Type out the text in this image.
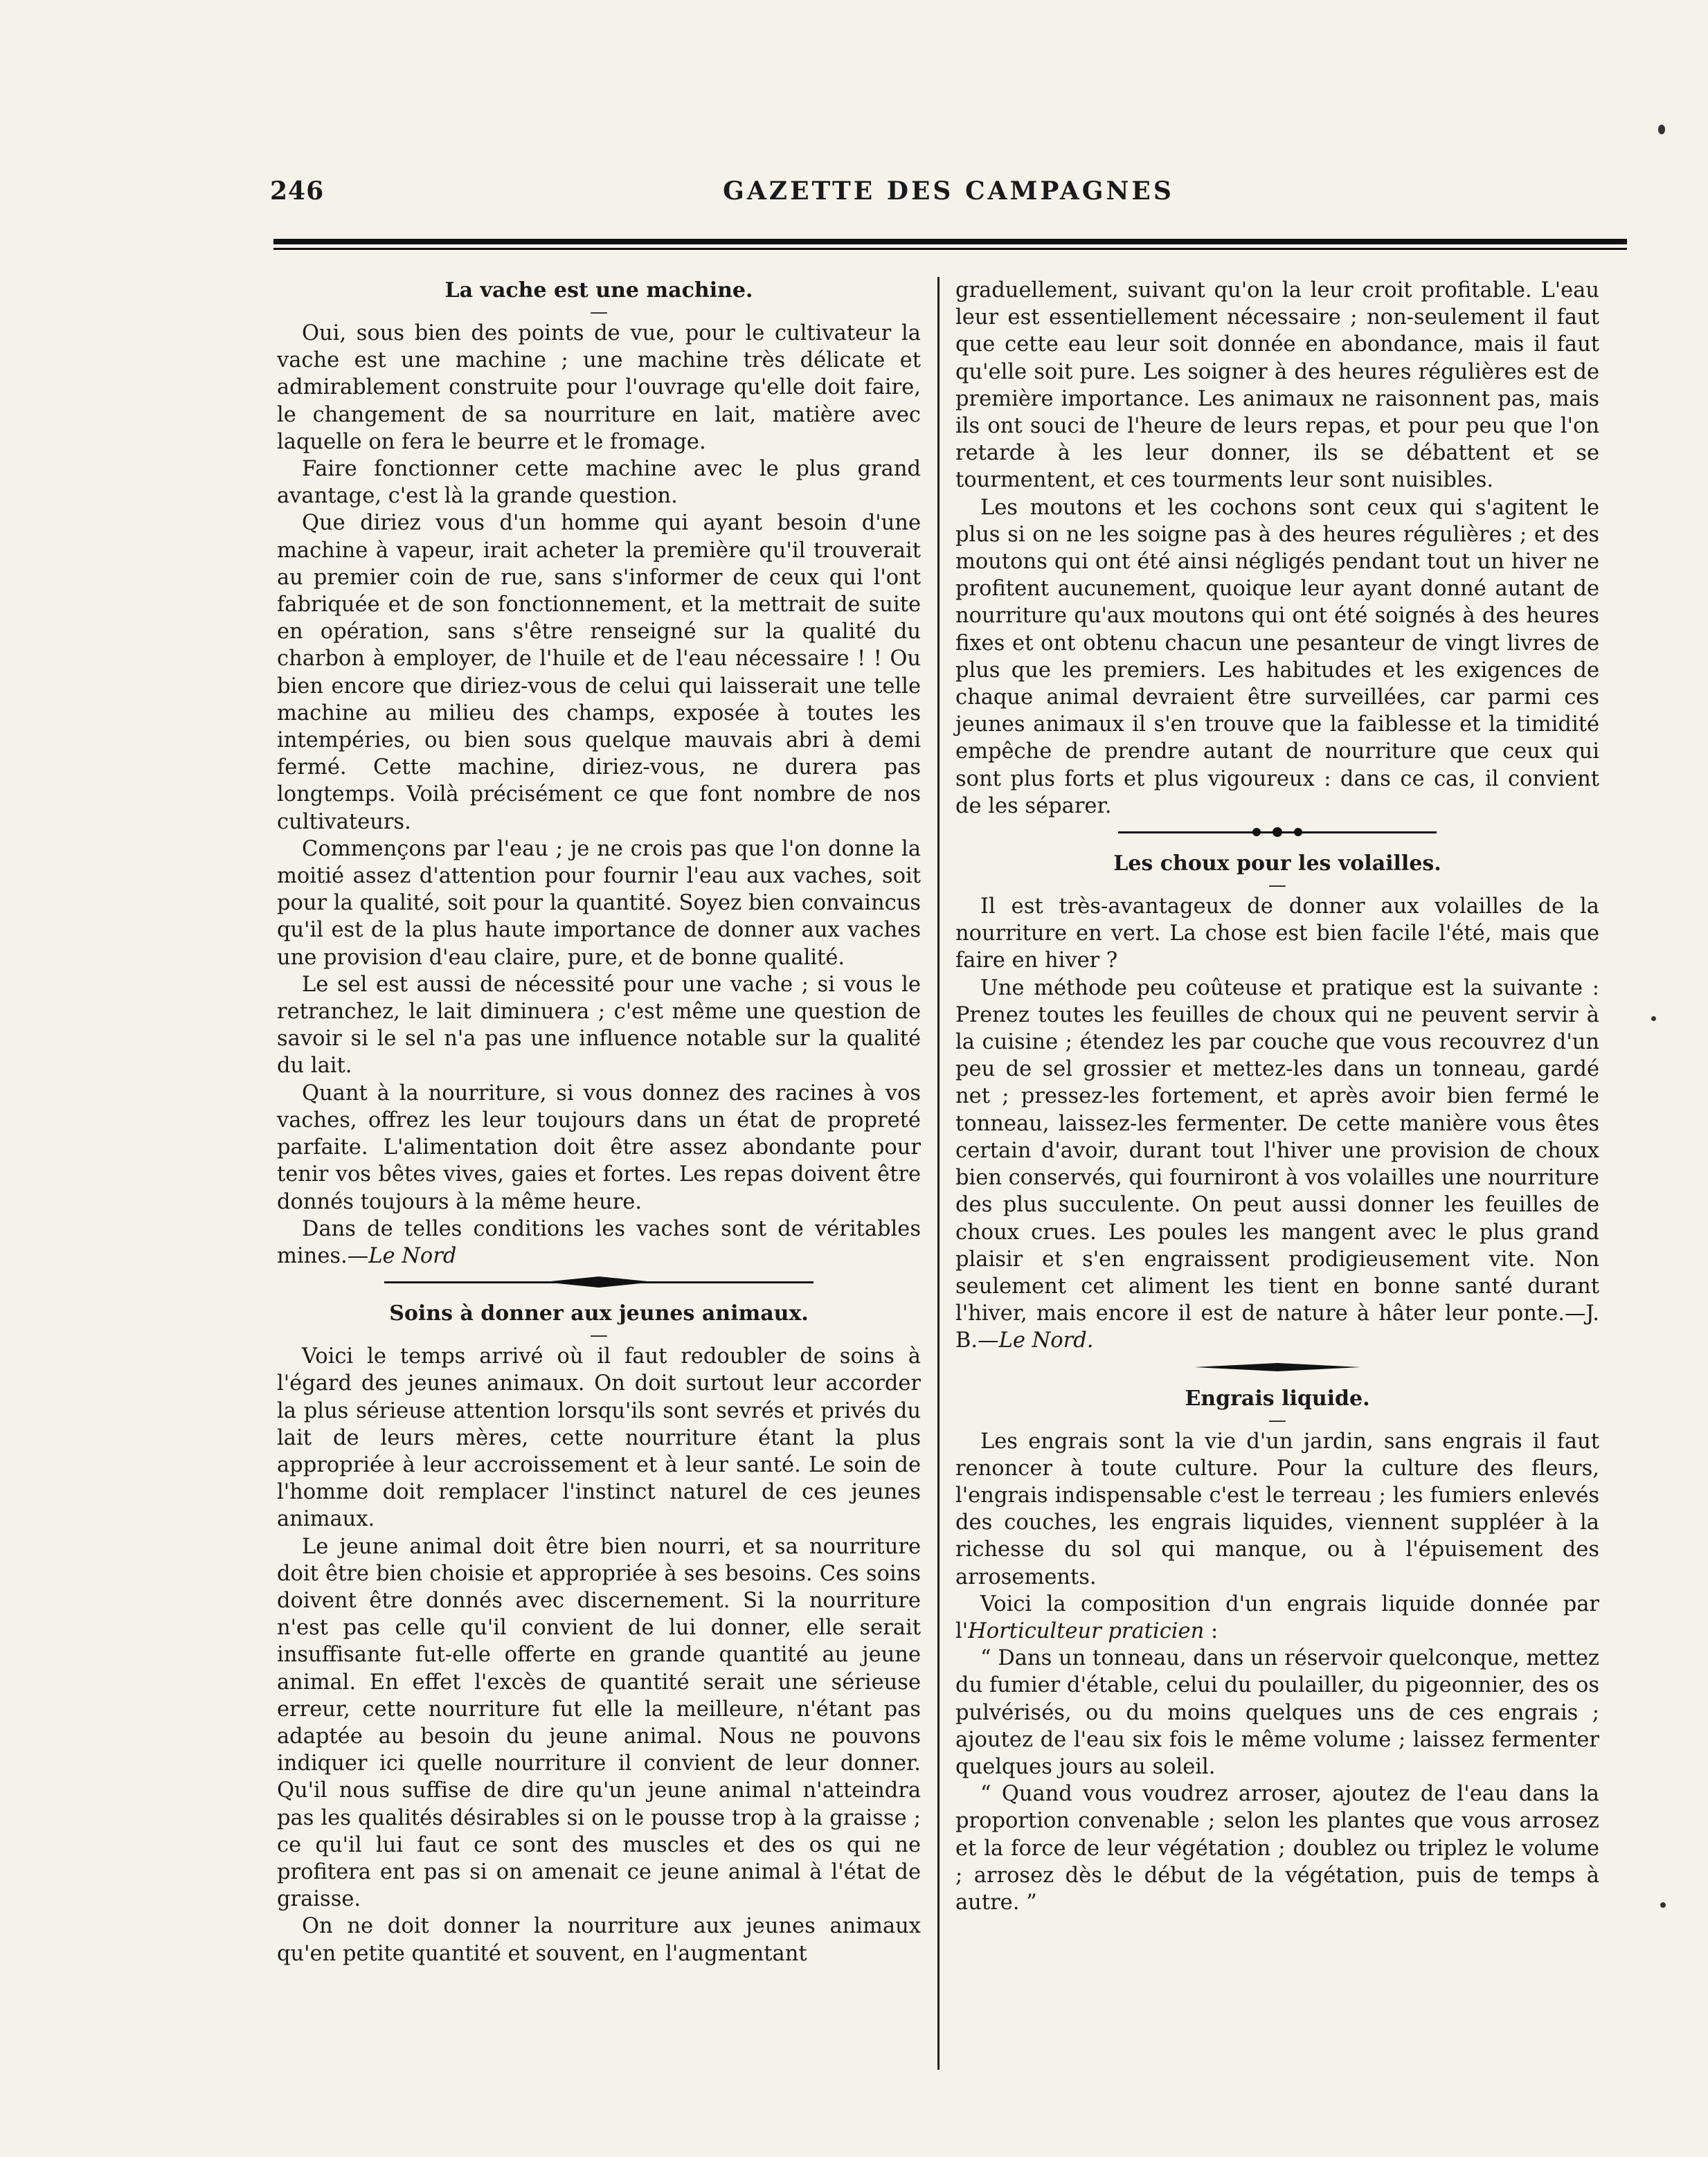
246	GAZETTE DES CAMPAGNES
La vache est une machine.
—

Oui, sous bien des points de vue, pour le cultivateur la vache est une machine ; une machine très délicate et admirablement construite pour l'ouvrage qu'elle doit faire, le changement de sa nourriture en lait, matière avec laquelle on fera le beurre et le fromage.

Faire fonctionner cette machine avec le plus grand avantage, c'est là la grande question.

Que diriez vous d'un homme qui ayant besoin d'une machine à vapeur, irait acheter la première qu'il trouverait au premier coin de rue, sans s'informer de ceux qui l'ont fabriquée et de son fonctionnement, et la mettrait de suite en opération, sans s'être renseigné sur la qualité du charbon à employer, de l'huile et de l'eau nécessaire ! ! Ou bien encore que diriez-vous de celui qui laisserait une telle machine au milieu des champs, exposée à toutes les intempéries, ou bien sous quelque mauvais abri à demi fermé. Cette machine, diriez-vous, ne durera pas longtemps. Voilà précisément ce que font nombre de nos cultivateurs.

Commençons par l'eau ; je ne crois pas que l'on donne la moitié assez d'attention pour fournir l'eau aux vaches, soit pour la qualité, soit pour la quantité. Soyez bien convaincus qu'il est de la plus haute importance de donner aux vaches une provision d'eau claire, pure, et de bonne qualité.

Le sel est aussi de nécessité pour une vache ; si vous le retranchez, le lait diminuera ; c'est même une question de savoir si le sel n'a pas une influence notable sur la qualité du lait.

Quant à la nourriture, si vous donnez des racines à vos vaches, offrez les leur toujours dans un état de propreté parfaite. L'alimentation doit être assez abondante pour tenir vos bêtes vives, gaies et fortes. Les repas doivent être donnés toujours à la même heure.

Dans de telles conditions les vaches sont de véritables mines.—Le Nord

Soins à donner aux jeunes animaux.
—

Voici le temps arrivé où il faut redoubler de soins à l'égard des jeunes animaux. On doit surtout leur accorder la plus sérieuse attention lorsqu'ils sont sevrés et privés du lait de leurs mères, cette nourriture étant la plus appropriée à leur accroissement et à leur santé. Le soin de l'homme doit remplacer l'instinct naturel de ces jeunes animaux.

Le jeune animal doit être bien nourri, et sa nourriture doit être bien choisie et appropriée à ses besoins. Ces soins doivent être donnés avec discernement. Si la nourriture n'est pas celle qu'il convient de lui donner, elle serait insuffisante fut-elle offerte en grande quantité au jeune animal. En effet l'excès de quantité serait une sérieuse erreur, cette nourriture fut elle la meilleure, n'étant pas adaptée au besoin du jeune animal. Nous ne pouvons indiquer ici quelle nourriture il convient de leur donner. Qu'il nous suffise de dire qu'un jeune animal n'atteindra pas les qualités désirables si on le pousse trop à la graisse ; ce qu'il lui faut ce sont des muscles et des os qui ne profitera ent pas si on amenait ce jeune animal à l'état de graisse.

On ne doit donner la nourriture aux jeunes animaux qu'en petite quantité et souvent, en l'augmentant

graduellement, suivant qu'on la leur croit profitable. L'eau leur est essentiellement nécessaire ; non-seulement il faut que cette eau leur soit donnée en abondance, mais il faut qu'elle soit pure. Les soigner à des heures régulières est de première importance. Les animaux ne raisonnent pas, mais ils ont souci de l'heure de leurs repas, et pour peu que l'on retarde à les leur donner, ils se débattent et se tourmentent, et ces tourments leur sont nuisibles.

Les moutons et les cochons sont ceux qui s'agitent le plus si on ne les soigne pas à des heures régulières ; et des moutons qui ont été ainsi négligés pendant tout un hiver ne profitent aucunement, quoique leur ayant donné autant de nourriture qu'aux moutons qui ont été soignés à des heures fixes et ont obtenu chacun une pesanteur de vingt livres de plus que les premiers. Les habitudes et les exigences de chaque animal devraient être surveillées, car parmi ces jeunes animaux il s'en trouve que la faiblesse et la timidité empêche de prendre autant de nourriture que ceux qui sont plus forts et plus vigoureux : dans ce cas, il convient de les séparer.

Les choux pour les volailles.
—

Il est très-avantageux de donner aux volailles de la nourriture en vert. La chose est bien facile l'été, mais que faire en hiver ?

Une méthode peu coûteuse et pratique est la suivante : Prenez toutes les feuilles de choux qui ne peuvent servir à la cuisine ; étendez les par couche que vous recouvrez d'un peu de sel grossier et mettez-les dans un tonneau, gardé net ; pressez-les fortement, et après avoir bien fermé le tonneau, laissez-les fermenter. De cette manière vous êtes certain d'avoir, durant tout l'hiver une provision de choux bien conservés, qui fourniront à vos volailles une nourriture des plus succulente. On peut aussi donner les feuilles de choux crues. Les poules les mangent avec le plus grand plaisir et s'en engraissent prodigieusement vite. Non seulement cet aliment les tient en bonne santé durant l'hiver, mais encore il est de nature à hâter leur ponte.—J. B.—Le Nord.

Engrais liquide.
—

Les engrais sont la vie d'un jardin, sans engrais il faut renoncer à toute culture. Pour la culture des fleurs, l'engrais indispensable c'est le terreau ; les fumiers enlevés des couches, les engrais liquides, viennent suppléer à la richesse du sol qui manque, ou à l'épuisement des arrosements.

Voici la composition d'un engrais liquide donnée par l'Horticulteur praticien :

“ Dans un tonneau, dans un réservoir quelconque, mettez du fumier d'étable, celui du poulailler, du pigeonnier, des os pulvérisés, ou du moins quelques uns de ces engrais ; ajoutez de l'eau six fois le même volume ; laissez fermenter quelques jours au soleil.

“ Quand vous voudrez arroser, ajoutez de l'eau dans la proportion convenable ; selon les plantes que vous arrosez et la force de leur végétation ; doublez ou triplez le volume ; arrosez dès le début de la végétation, puis de temps à autre. ”
